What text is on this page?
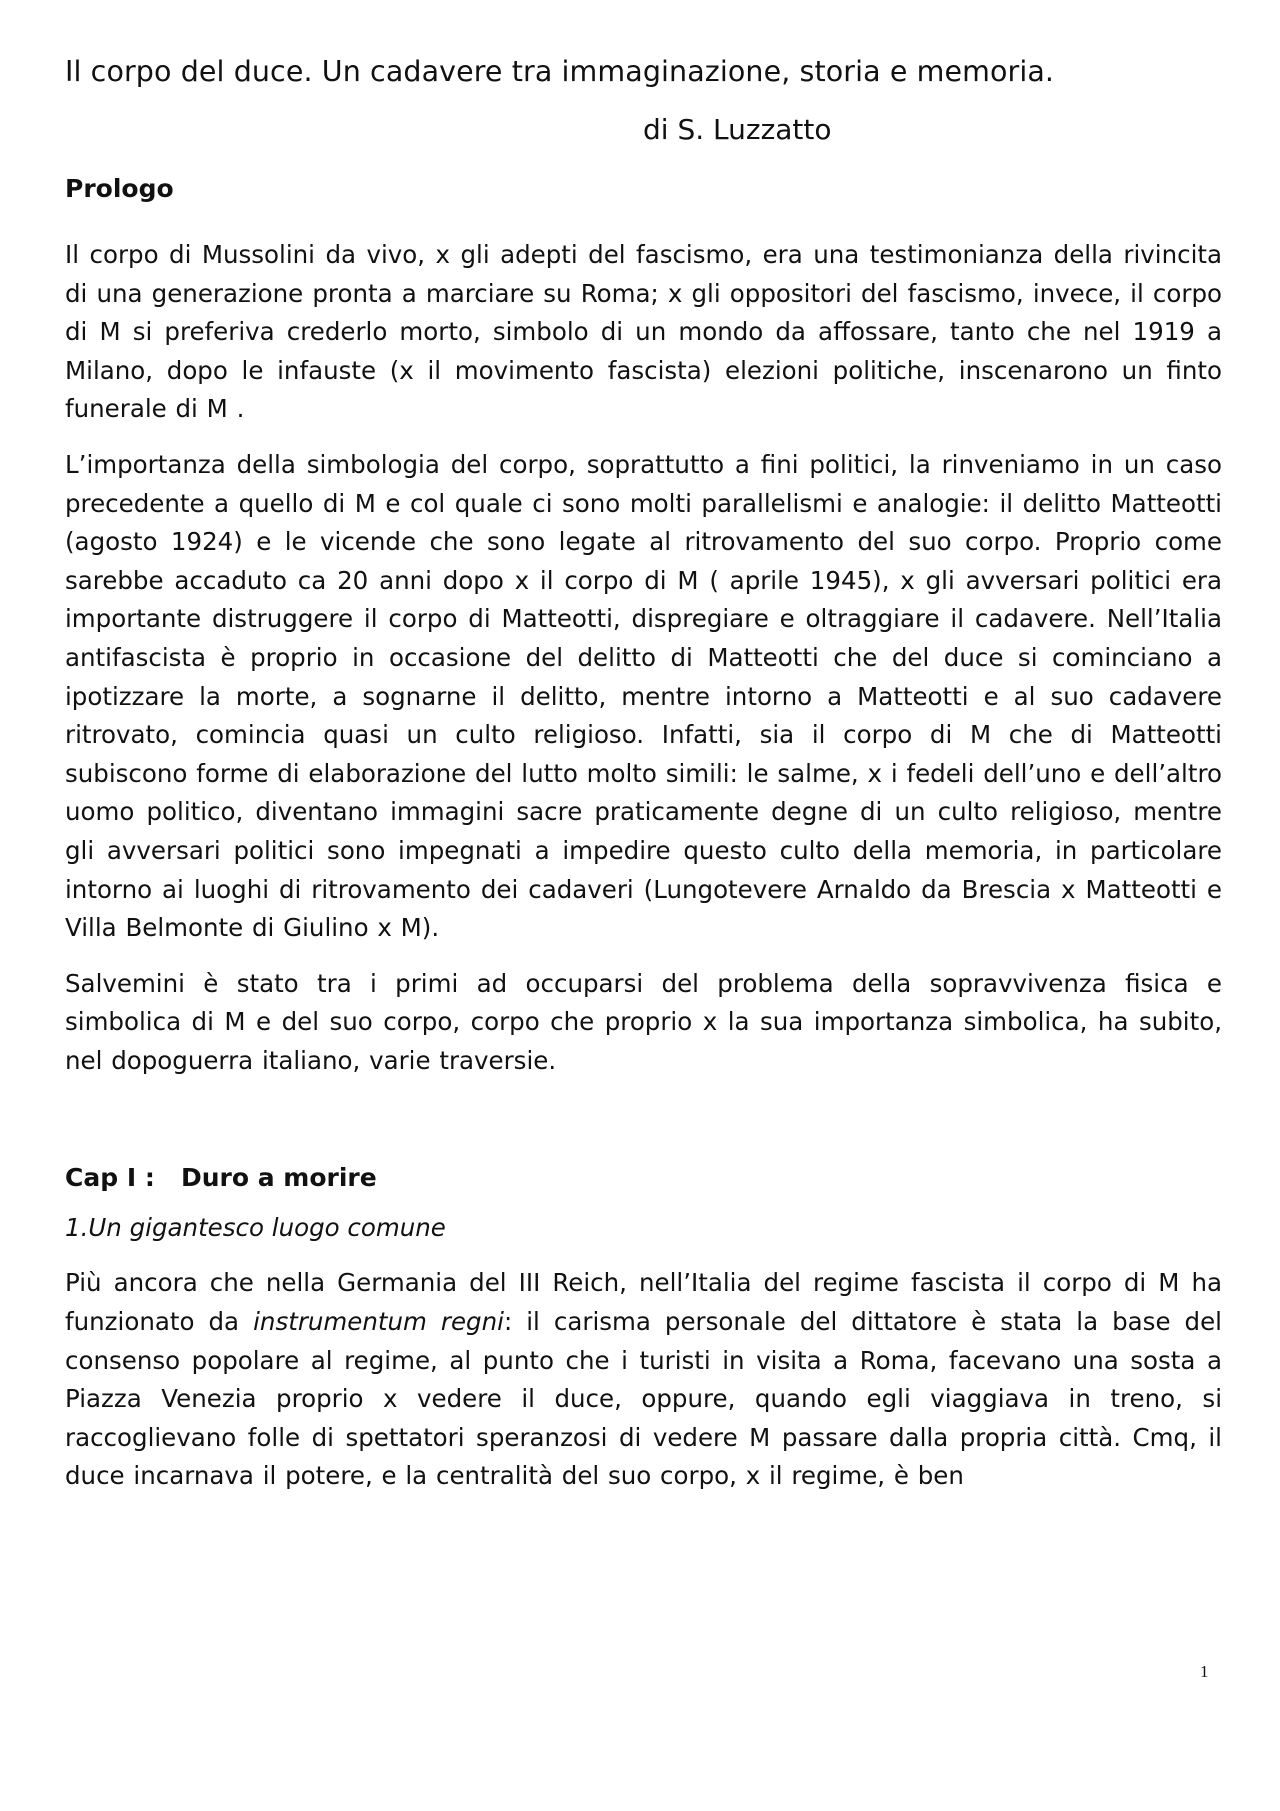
Il corpo del duce. Un cadavere tra immaginazione, storia e memoria.
di S. Luzzatto
Prologo

Il corpo di Mussolini da vivo, x gli adepti del fascismo, era una testimonianza della rivincita di una generazione pronta a marciare su Roma; x gli oppositori del fascismo, invece, il corpo di M si preferiva crederlo morto, simbolo di un mondo da affossare, tanto che nel 1919 a Milano, dopo le infauste (x il movimento fascista) elezioni politiche, inscenarono un finto funerale di M .

L’importanza della simbologia del corpo, soprattutto a fini politici, la rinveniamo in un caso precedente a quello di M e col quale ci sono molti parallelismi e analogie: il delitto Matteotti (agosto 1924) e le vicende che sono legate al ritrovamento del suo corpo. Proprio come sarebbe accaduto ca 20 anni dopo x il corpo di M ( aprile 1945), x gli avversari politici era importante distruggere il corpo di Matteotti, dispregiare e oltraggiare il cadavere. Nell’Italia antifascista è proprio in occasione del delitto di Matteotti che del duce si cominciano a ipotizzare la morte, a sognarne il delitto, mentre intorno a Matteotti e al suo cadavere ritrovato, comincia quasi un culto religioso. Infatti, sia il corpo di M che di Matteotti subiscono forme di elaborazione del lutto molto simili: le salme, x i fedeli dell’uno e dell’altro uomo politico, diventano immagini sacre praticamente degne di un culto religioso, mentre gli avversari politici sono impegnati a impedire questo culto della memoria, in particolare intorno ai luoghi di ritrovamento dei cadaveri (Lungotevere Arnaldo da Brescia x Matteotti e Villa Belmonte di Giulino x M).

Salvemini è stato tra i primi ad occuparsi del problema della sopravvivenza fisica e simbolica di M e del suo corpo, corpo che proprio x la sua importanza simbolica, ha subito, nel dopoguerra italiano, varie traversie.

Cap I : Duro a morire
1.Un gigantesco luogo comune

Più ancora che nella Germania del III Reich, nell’Italia del regime fascista il corpo di M ha funzionato da instrumentum regni: il carisma personale del dittatore è stata la base del consenso popolare al regime, al punto che i turisti in visita a Roma, facevano una sosta a Piazza Venezia proprio x vedere il duce, oppure, quando egli viaggiava in treno, si raccoglievano folle di spettatori speranzosi di vedere M passare dalla propria città. Cmq, il duce incarnava il potere, e la centralità del suo corpo, x il regime, è ben

1
